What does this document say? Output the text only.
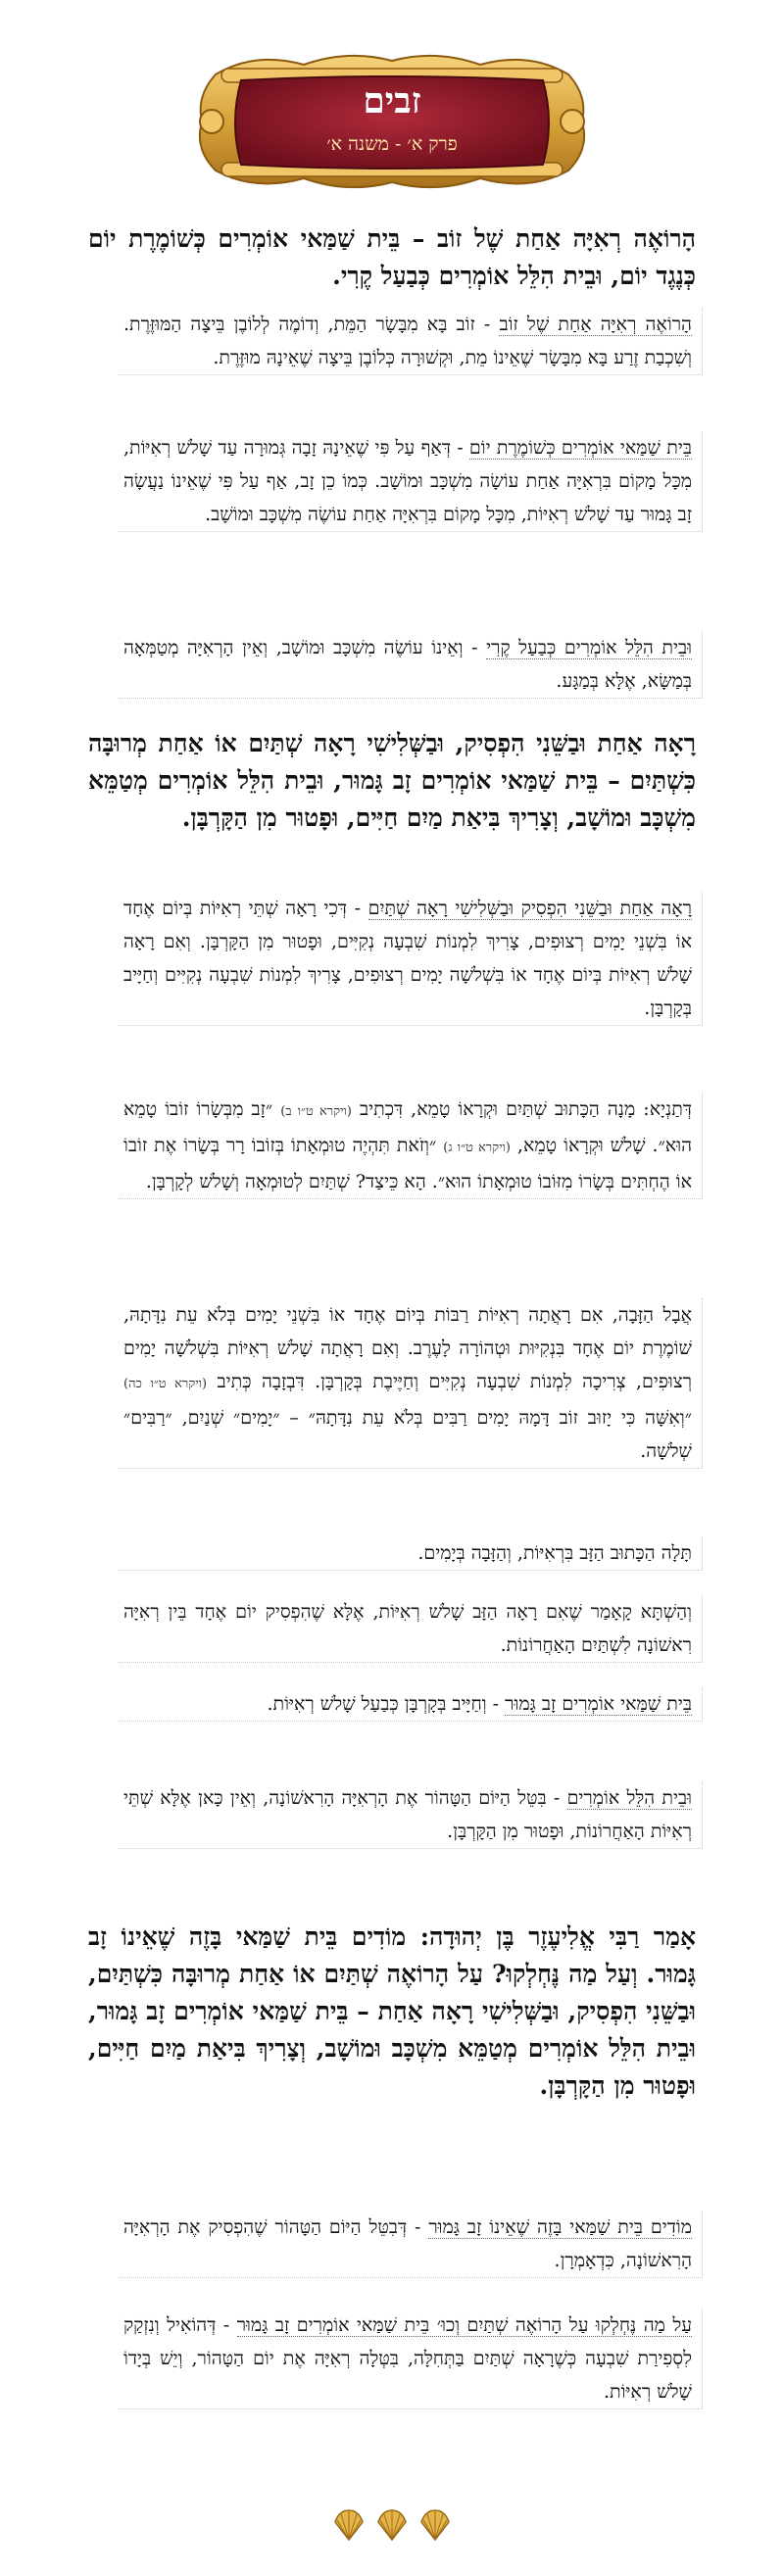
זבים
פרק א׳ - משנה א׳
הָרוֹאֶה רְאִיָּה אַחַת שֶׁל זוֹב – בֵּית שַׁמַּאי אוֹמְרִים כְּשׁוֹמֶרֶת יוֹם כְּנֶגֶד יוֹם, וּבֵית הִלֵּל אוֹמְרִים כְּבַעַל קֶרִי.
הָרוֹאֶה רְאִיָּה אַחַת שֶׁל זוֹב - זוֹב בָּא מִבָּשָׂר הַמֵּת, וְדוֹמֶה לְלוֹבֶן בֵּיצָה הַמּוּזֶּרֶת. וְשִׁכְבַת זֶרַע בָּא מִבָּשָׂר שֶׁאֵינוֹ מֵת, וּקְשׁוּרָה כְּלוֹבֶן בֵּיצָה שֶׁאֵינָהּ מוּזֶּרֶת.
בֵּית שַׁמַּאי אוֹמְרִים כְּשׁוֹמֶרֶת יוֹם - דְּאַף עַל פִּי שֶׁאֵינָהּ זָבָה גְּמוּרָה עַד שָׁלשׁ רְאִיּוֹת, מִכָּל מָקוֹם בִּרְאִיָּה אַחַת עוֹשָׂה מִשְׁכָּב וּמוֹשָׁב. כְּמוֹ כֵן זָב, אַף עַל פִּי שֶׁאֵינוֹ נַעֲשָׂה זָב גָּמוּר עַד שָׁלשׁ רְאִיּוֹת, מִכָּל מָקוֹם בִּרְאִיָּה אַחַת עוֹשֶׂה מִשְׁכָּב וּמוֹשָׁב.
וּבֵית הִלֵּל אוֹמְרִים כְּבַעַל קֶרִי - וְאֵינוֹ עוֹשֶׂה מִשְׁכָּב וּמוֹשָׁב, וְאֵין הָרְאִיָּה מְטַמְּאָה בְּמַשָּׂא, אֶלָּא בְּמַגָּע.
רָאָה אַחַת וּבַשֵּׁנִי הִפְסִיק, וּבַשְּׁלִישִׁי רָאָה שְׁתַּיִם אוֹ אַחַת מְרוּבָּה כִּשְׁתַּיִם – בֵּית שַׁמַּאי אוֹמְרִים זָב גָּמוּר, וּבֵית הִלֵּל אוֹמְרִים מְטַמֵּא מִשְׁכָּב וּמוֹשָׁב, וְצָרִיךְ בִּיאַת מַיִם חַיִּים, וּפָטוּר מִן הַקָּרְבָּן.
רָאָה אַחַת וּבַשֵּׁנִי הִפְסִיק וּבַשְּׁלִישִׁי רָאָה שְׁתַּיִם - דְּכִי רָאָה שְׁתֵּי רְאִיּוֹת בְּיוֹם אֶחָד אוֹ בִּשְׁנֵי יָמִים רְצוּפִים, צָרִיךְ לִמְנוֹת שִׁבְעָה נְקִיִּים, וּפָטוּר מִן הַקָּרְבָּן. וְאִם רָאָה שָׁלשׁ רְאִיּוֹת בְּיוֹם אֶחָד אוֹ בִּשְׁלשָׁה יָמִים רְצוּפִים, צָרִיךְ לִמְנוֹת שִׁבְעָה נְקִיִּים וְחַיָּיב בְּקָרְבָּן.
דְּתַנְיָא: מָנָה הַכָּתוּב שְׁתַּיִם וּקְרָאוֹ טָמֵא, דִּכְתִיב (ויקרא ט״ו ב) ״זָב מִבְּשָׂרוֹ זוֹבוֹ טָמֵא הוּא״. שָׁלשׁ וּקְרָאוֹ טָמֵא, (ויקרא ט״ו ג) ״וְזֹאת תִּהְיֶה טוּמְאָתוֹ בְּזוֹבוֹ רָר בְּשָׂרוֹ אֶת זוֹבוֹ אוֹ הֶחְתִּים בְּשָׂרוֹ מִזּוֹבוֹ טוּמְאָתוֹ הוּא״. הָא כֵּיצַד? שְׁתַּיִם לְטוּמְאָה וְשָׁלשׁ לְקָרְבָּן.
אֲבָל הַזָּבָה, אִם רָאֲתָה רְאִיּוֹת רַבּוֹת בְּיוֹם אֶחָד אוֹ בִּשְׁנֵי יָמִים בְּלֹא עֵת נִדָּתָהּ, שׁוֹמֶרֶת יוֹם אֶחָד בִּנְקִיּוּת וּטְהוֹרָה לָעֶרֶב. וְאִם רָאֲתָה שָׁלשׁ רְאִיּוֹת בִּשְׁלשָׁה יָמִים רְצוּפִים, צְרִיכָה לִמְנוֹת שִׁבְעָה נְקִיִּים וְחַיֶּיבֶת בְּקָרְבָּן. דִּבְזָבָה כְּתִיב (ויקרא ט״ו כה) ״וְאִשָּׁה כִּי יָזוּב זוֹב דָּמָהּ יָמִים רַבִּים בְּלֹא עֵת נִדָּתָהּ״ – ״יָמִים״ שְׁנַיִם, ״רַבִּים״ שְׁלשָׁה.
תָּלָה הַכָּתוּב הַזָּב בִּרְאִיּוֹת, וְהַזָּבָה בְּיָמִים.
וְהַשְׁתָּא קָאָמַר שֶׁאִם רָאָה הַזָּב שָׁלשׁ רְאִיּוֹת, אֶלָּא שֶׁהִפְסִיק יוֹם אֶחָד בֵּין רְאִיָּה רִאשׁוֹנָה לִשְׁתַּיִם הָאַחֲרוֹנוֹת.
בֵּית שַׁמַּאי אוֹמְרִים זָב גָּמוּר - וְחַיָּיב בְּקָרְבָּן כְּבַעַל שָׁלשׁ רְאִיּוֹת.
וּבֵית הִלֵּל אוֹמְרִים - בִּטֵּל הַיּוֹם הַטָּהוֹר אֶת הָרְאִיָּה הָרִאשׁוֹנָה, וְאֵין כָּאן אֶלָּא שְׁתֵּי רְאִיּוֹת הָאַחֲרוֹנוֹת, וּפָטוּר מִן הַקָּרְבָּן.
אָמַר רַבִּי אֱלִיעֶזֶר בֶּן יְהוּדָה: מוֹדִים בֵּית שַׁמַּאי בָּזֶה שֶׁאֵינוֹ זָב גָּמוּר. וְעַל מַה נֶּחְלְקוּ? עַל הָרוֹאֶה שְׁתַּיִם אוֹ אַחַת מְרוּבָּה כִּשְׁתַּיִם, וּבַשֵּׁנִי הִפְסִיק, וּבַשְּׁלִישִׁי רָאָה אַחַת – בֵּית שַׁמַּאי אוֹמְרִים זָב גָּמוּר, וּבֵית הִלֵּל אוֹמְרִים מְטַמֵּא מִשְׁכָּב וּמוֹשָׁב, וְצָרִיךְ בִּיאַת מַיִם חַיִּים, וּפָטוּר מִן הַקָּרְבָּן.
מוֹדִים בֵּית שַׁמַּאי בָּזֶה שֶׁאֵינוֹ זָב גָּמוּר - דְּבִטֵּל הַיּוֹם הַטָּהוֹר שֶׁהִפְסִיק אֶת הָרְאִיָּה הָרִאשׁוֹנָה, כִּדְאָמְרָן.
עַל מַה נֶּחְלְקוּ עַל הָרוֹאֶה שְׁתַּיִם וְכוּ׳ בֵּית שַׁמַּאי אוֹמְרִים זָב גָּמוּר - דְּהוֹאִיל וְנִזְקַק לִסְפִירַת שִׁבְעָה כְּשֶׁרָאָה שְׁתַּיִם בַּתְּחִלָּה, בִּטְּלָה רְאִיָּה אֶת יוֹם הַטָּהוֹר, וְיֵשׁ בְּיָדוֹ שָׁלשׁ רְאִיּוֹת.
